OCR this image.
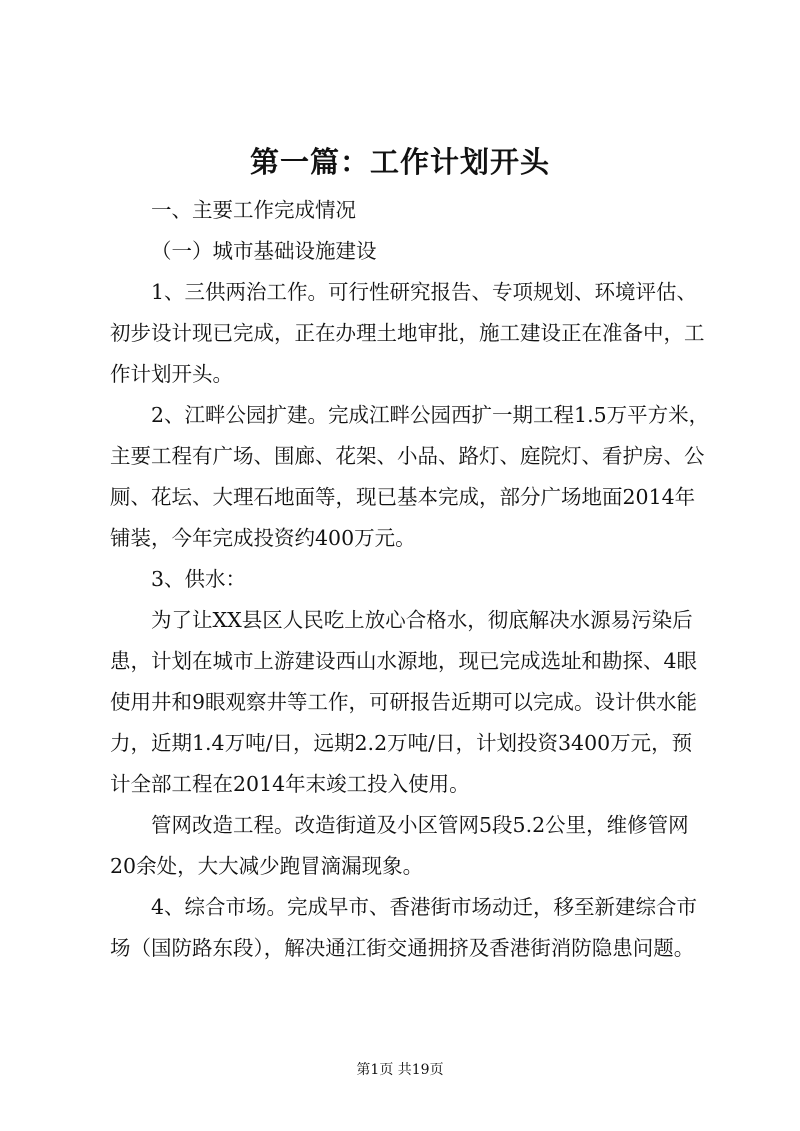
第一篇：工作计划开头

一、主要工作完成情况

（一）城市基础设施建设

1、三供两治工作。可行性研究报告、专项规划、环境评估、初步设计现已完成，正在办理土地审批，施工建设正在准备中，工作计划开头。

2、江畔公园扩建。完成江畔公园西扩一期工程1.5万平方米，主要工程有广场、围廊、花架、小品、路灯、庭院灯、看护房、公厕、花坛、大理石地面等，现已基本完成，部分广场地面2014年铺装，今年完成投资约400万元。

3、供水：

为了让XX县区人民吃上放心合格水，彻底解决水源易污染后患，计划在城市上游建设西山水源地，现已完成选址和勘探、4眼使用井和9眼观察井等工作，可研报告近期可以完成。设计供水能力，近期1.4万吨/日，远期2.2万吨/日，计划投资3400万元，预计全部工程在2014年末竣工投入使用。

管网改造工程。改造街道及小区管网5段5.2公里，维修管网20余处，大大减少跑冒滴漏现象。

4、综合市场。完成早市、香港街市场动迁，移至新建综合市场（国防路东段），解决通江街交通拥挤及香港街消防隐患问题。

第1页 共19页
